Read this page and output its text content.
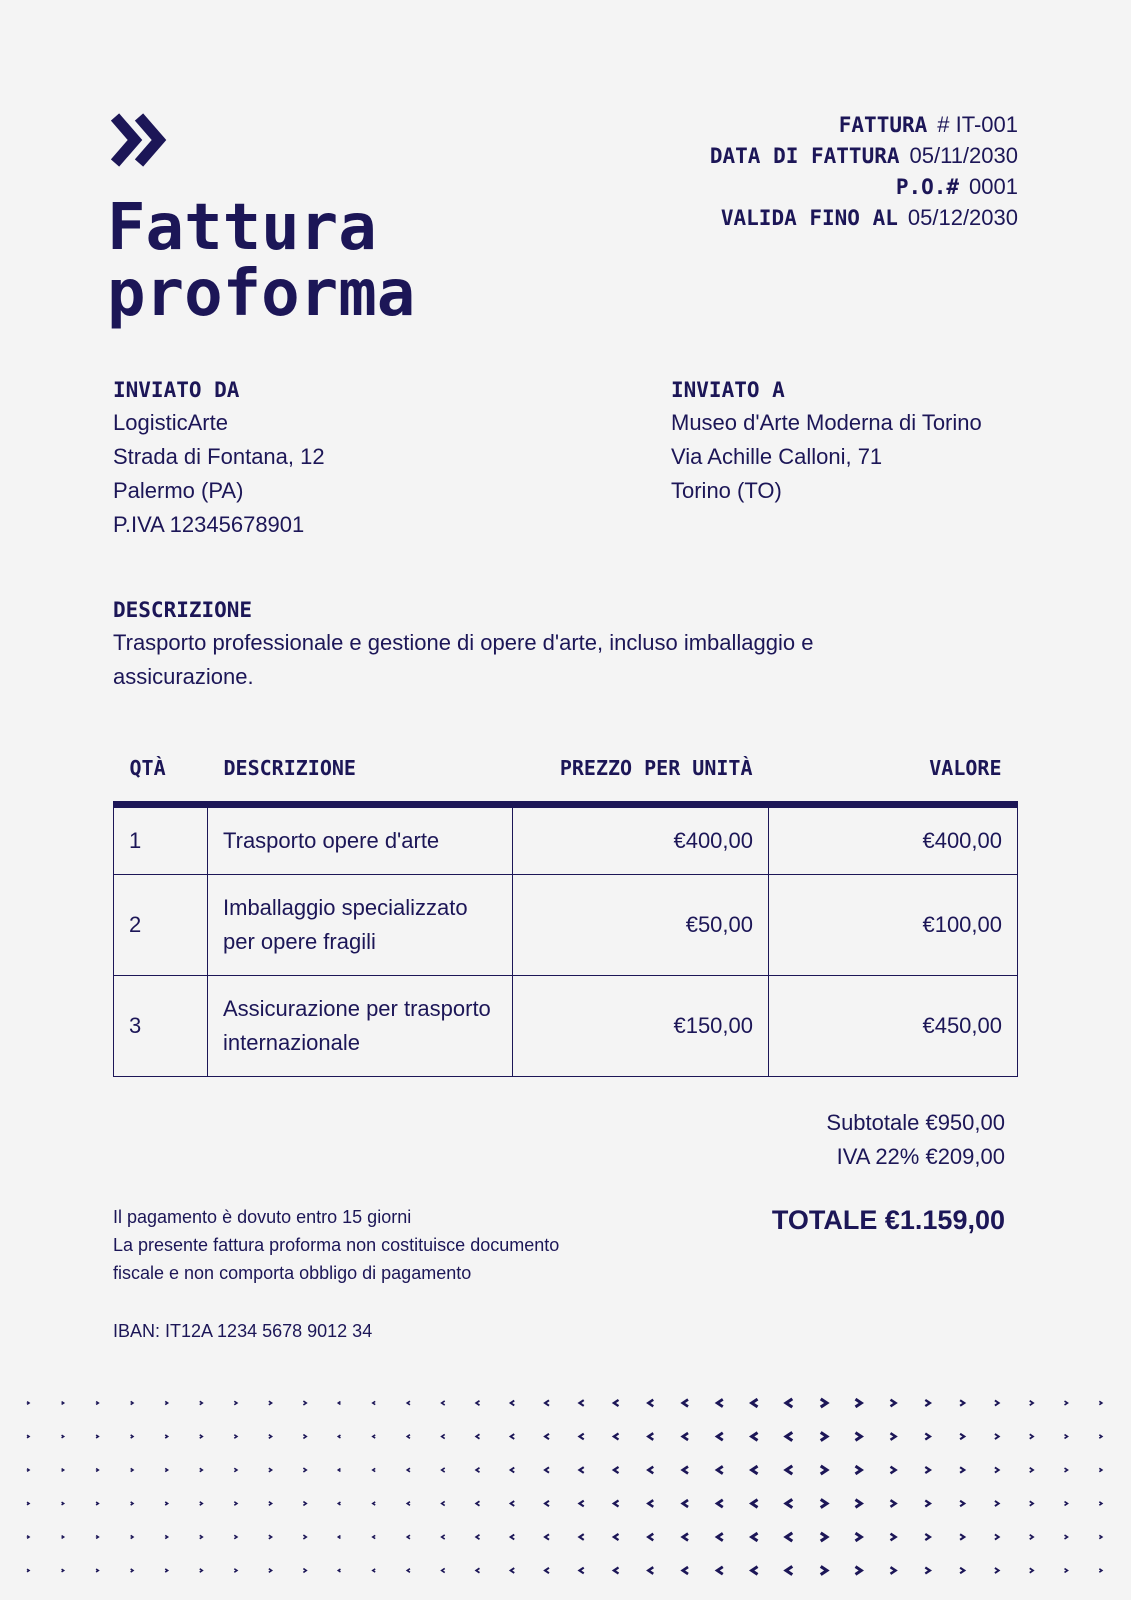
Fattura
proforma
FATTURA # IT-001
DATA DI FATTURA 05/11/2030
P.O.# 0001
VALIDA FINO AL 05/12/2030
INVIATO DA
LogisticArte
Strada di Fontana, 12
Palermo (PA)
P.IVA 12345678901
INVIATO A
Museo d'Arte Moderna di Torino
Via Achille Calloni, 71
Torino (TO)
DESCRIZIONE
Trasporto professionale e gestione di opere d'arte, incluso imballaggio e assicurazione.
QTÀ	DESCRIZIONE	PREZZO PER UNITÀ	VALORE
1	Trasporto opere d'arte	€400,00	€400,00
2	Imballaggio specializzato per opere fragili	€50,00	€100,00
3	Assicurazione per trasporto internazionale	€150,00	€450,00
Subtotale €950,00
IVA 22% €209,00
TOTALE €1.159,00
Il pagamento è dovuto entro 15 giorni
La presente fattura proforma non costituisce documento
fiscale e non comporta obbligo di pagamento
IBAN: IT12A 1234 5678 9012 34
